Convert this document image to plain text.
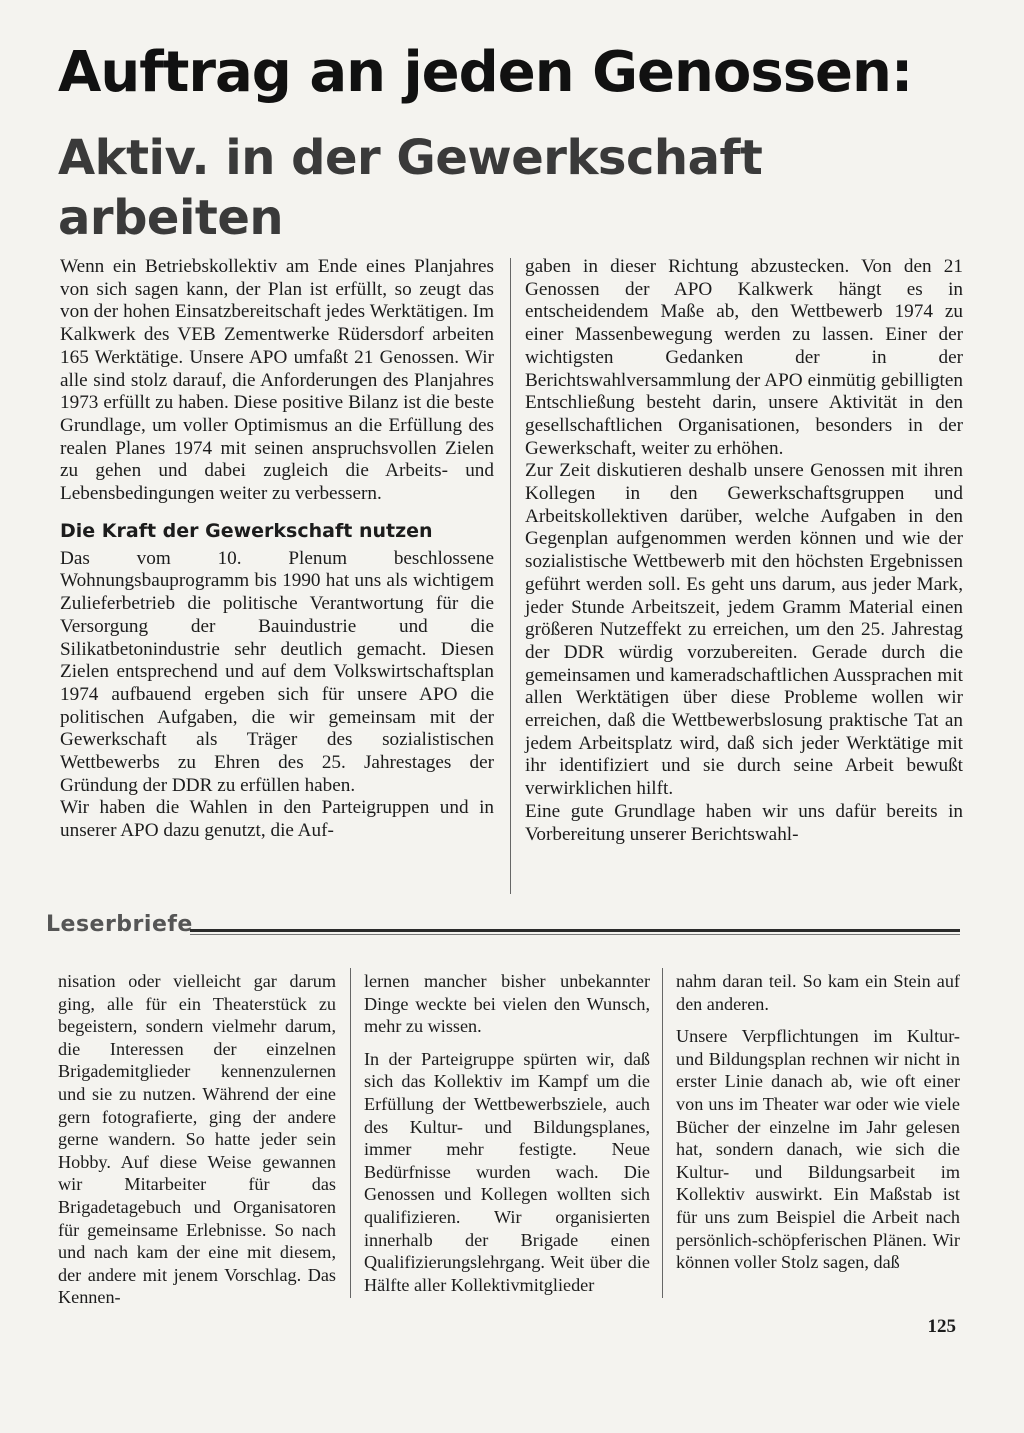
Auftrag an jeden Genossen:
Aktiv. in der Gewerkschaft arbeiten

Wenn ein Betriebskollektiv am Ende eines Planjahres von sich sagen kann, der Plan ist erfüllt, so zeugt das von der hohen Einsatzbereitschaft jedes Werktätigen. Im Kalkwerk des VEB Zementwerke Rüdersdorf arbeiten 165 Werktätige. Unsere APO umfaßt 21 Genossen. Wir alle sind stolz darauf, die Anforderungen des Planjahres 1973 erfüllt zu haben. Diese positive Bilanz ist die beste Grundlage, um voller Optimismus an die Erfüllung des realen Planes 1974 mit seinen anspruchsvollen Zielen zu gehen und dabei zugleich die Arbeits- und Lebensbedingungen weiter zu verbessern.

Die Kraft der Gewerkschaft nutzen

Das vom 10. Plenum beschlossene Wohnungsbauprogramm bis 1990 hat uns als wichtigem Zulieferbetrieb die politische Verantwortung für die Versorgung der Bauindustrie und die Silikatbetonindustrie sehr deutlich gemacht. Diesen Zielen entsprechend und auf dem Volkswirtschaftsplan 1974 aufbauend ergeben sich für unsere APO die politischen Aufgaben, die wir gemeinsam mit der Gewerkschaft als Träger des sozialistischen Wettbewerbs zu Ehren des 25. Jahrestages der Gründung der DDR zu erfüllen haben.

Wir haben die Wahlen in den Parteigruppen und in unserer APO dazu genutzt, die Auf-

gaben in dieser Richtung abzustecken. Von den 21 Genossen der APO Kalkwerk hängt es in entscheidendem Maße ab, den Wettbewerb 1974 zu einer Massenbewegung werden zu lassen. Einer der wichtigsten Gedanken der in der Berichtswahlversammlung der APO einmütig gebilligten Entschließung besteht darin, unsere Aktivität in den gesellschaftlichen Organisationen, besonders in der Gewerkschaft, weiter zu erhöhen.

Zur Zeit diskutieren deshalb unsere Genossen mit ihren Kollegen in den Gewerkschaftsgruppen und Arbeitskollektiven darüber, welche Aufgaben in den Gegenplan aufgenommen werden können und wie der sozialistische Wettbewerb mit den höchsten Ergebnissen geführt werden soll. Es geht uns darum, aus jeder Mark, jeder Stunde Arbeitszeit, jedem Gramm Material einen größeren Nutzeffekt zu erreichen, um den 25. Jahrestag der DDR würdig vorzubereiten. Gerade durch die gemeinsamen und kameradschaftlichen Aussprachen mit allen Werktätigen über diese Probleme wollen wir erreichen, daß die Wettbewerbslosung praktische Tat an jedem Arbeitsplatz wird, daß sich jeder Werktätige mit ihr identifiziert und sie durch seine Arbeit bewußt verwirklichen hilft.

Eine gute Grundlage haben wir uns dafür bereits in Vorbereitung unserer Berichtswahl-

Leserbriefe

nisation oder vielleicht gar darum ging, alle für ein Theaterstück zu begeistern, sondern vielmehr darum, die Interessen der einzelnen Brigademitglieder kennenzulernen und sie zu nutzen. Während der eine gern fotografierte, ging der andere gerne wandern. So hatte jeder sein Hobby. Auf diese Weise gewannen wir Mitarbeiter für das Brigadetagebuch und Organisatoren für gemeinsame Erlebnisse. So nach und nach kam der eine mit diesem, der andere mit jenem Vorschlag. Das Kennen-

lernen mancher bisher unbekannter Dinge weckte bei vielen den Wunsch, mehr zu wissen.

In der Parteigruppe spürten wir, daß sich das Kollektiv im Kampf um die Erfüllung der Wettbewerbsziele, auch des Kultur- und Bildungsplanes, immer mehr festigte. Neue Bedürfnisse wurden wach. Die Genossen und Kollegen wollten sich qualifizieren. Wir organisierten innerhalb der Brigade einen Qualifizierungslehrgang. Weit über die Hälfte aller Kollektivmitglieder

nahm daran teil. So kam ein Stein auf den anderen.

Unsere Verpflichtungen im Kultur- und Bildungsplan rechnen wir nicht in erster Linie danach ab, wie oft einer von uns im Theater war oder wie viele Bücher der einzelne im Jahr gelesen hat, sondern danach, wie sich die Kultur- und Bildungsarbeit im Kollektiv auswirkt. Ein Maßstab ist für uns zum Beispiel die Arbeit nach persönlich-schöpferischen Plänen. Wir können voller Stolz sagen, daß

125
